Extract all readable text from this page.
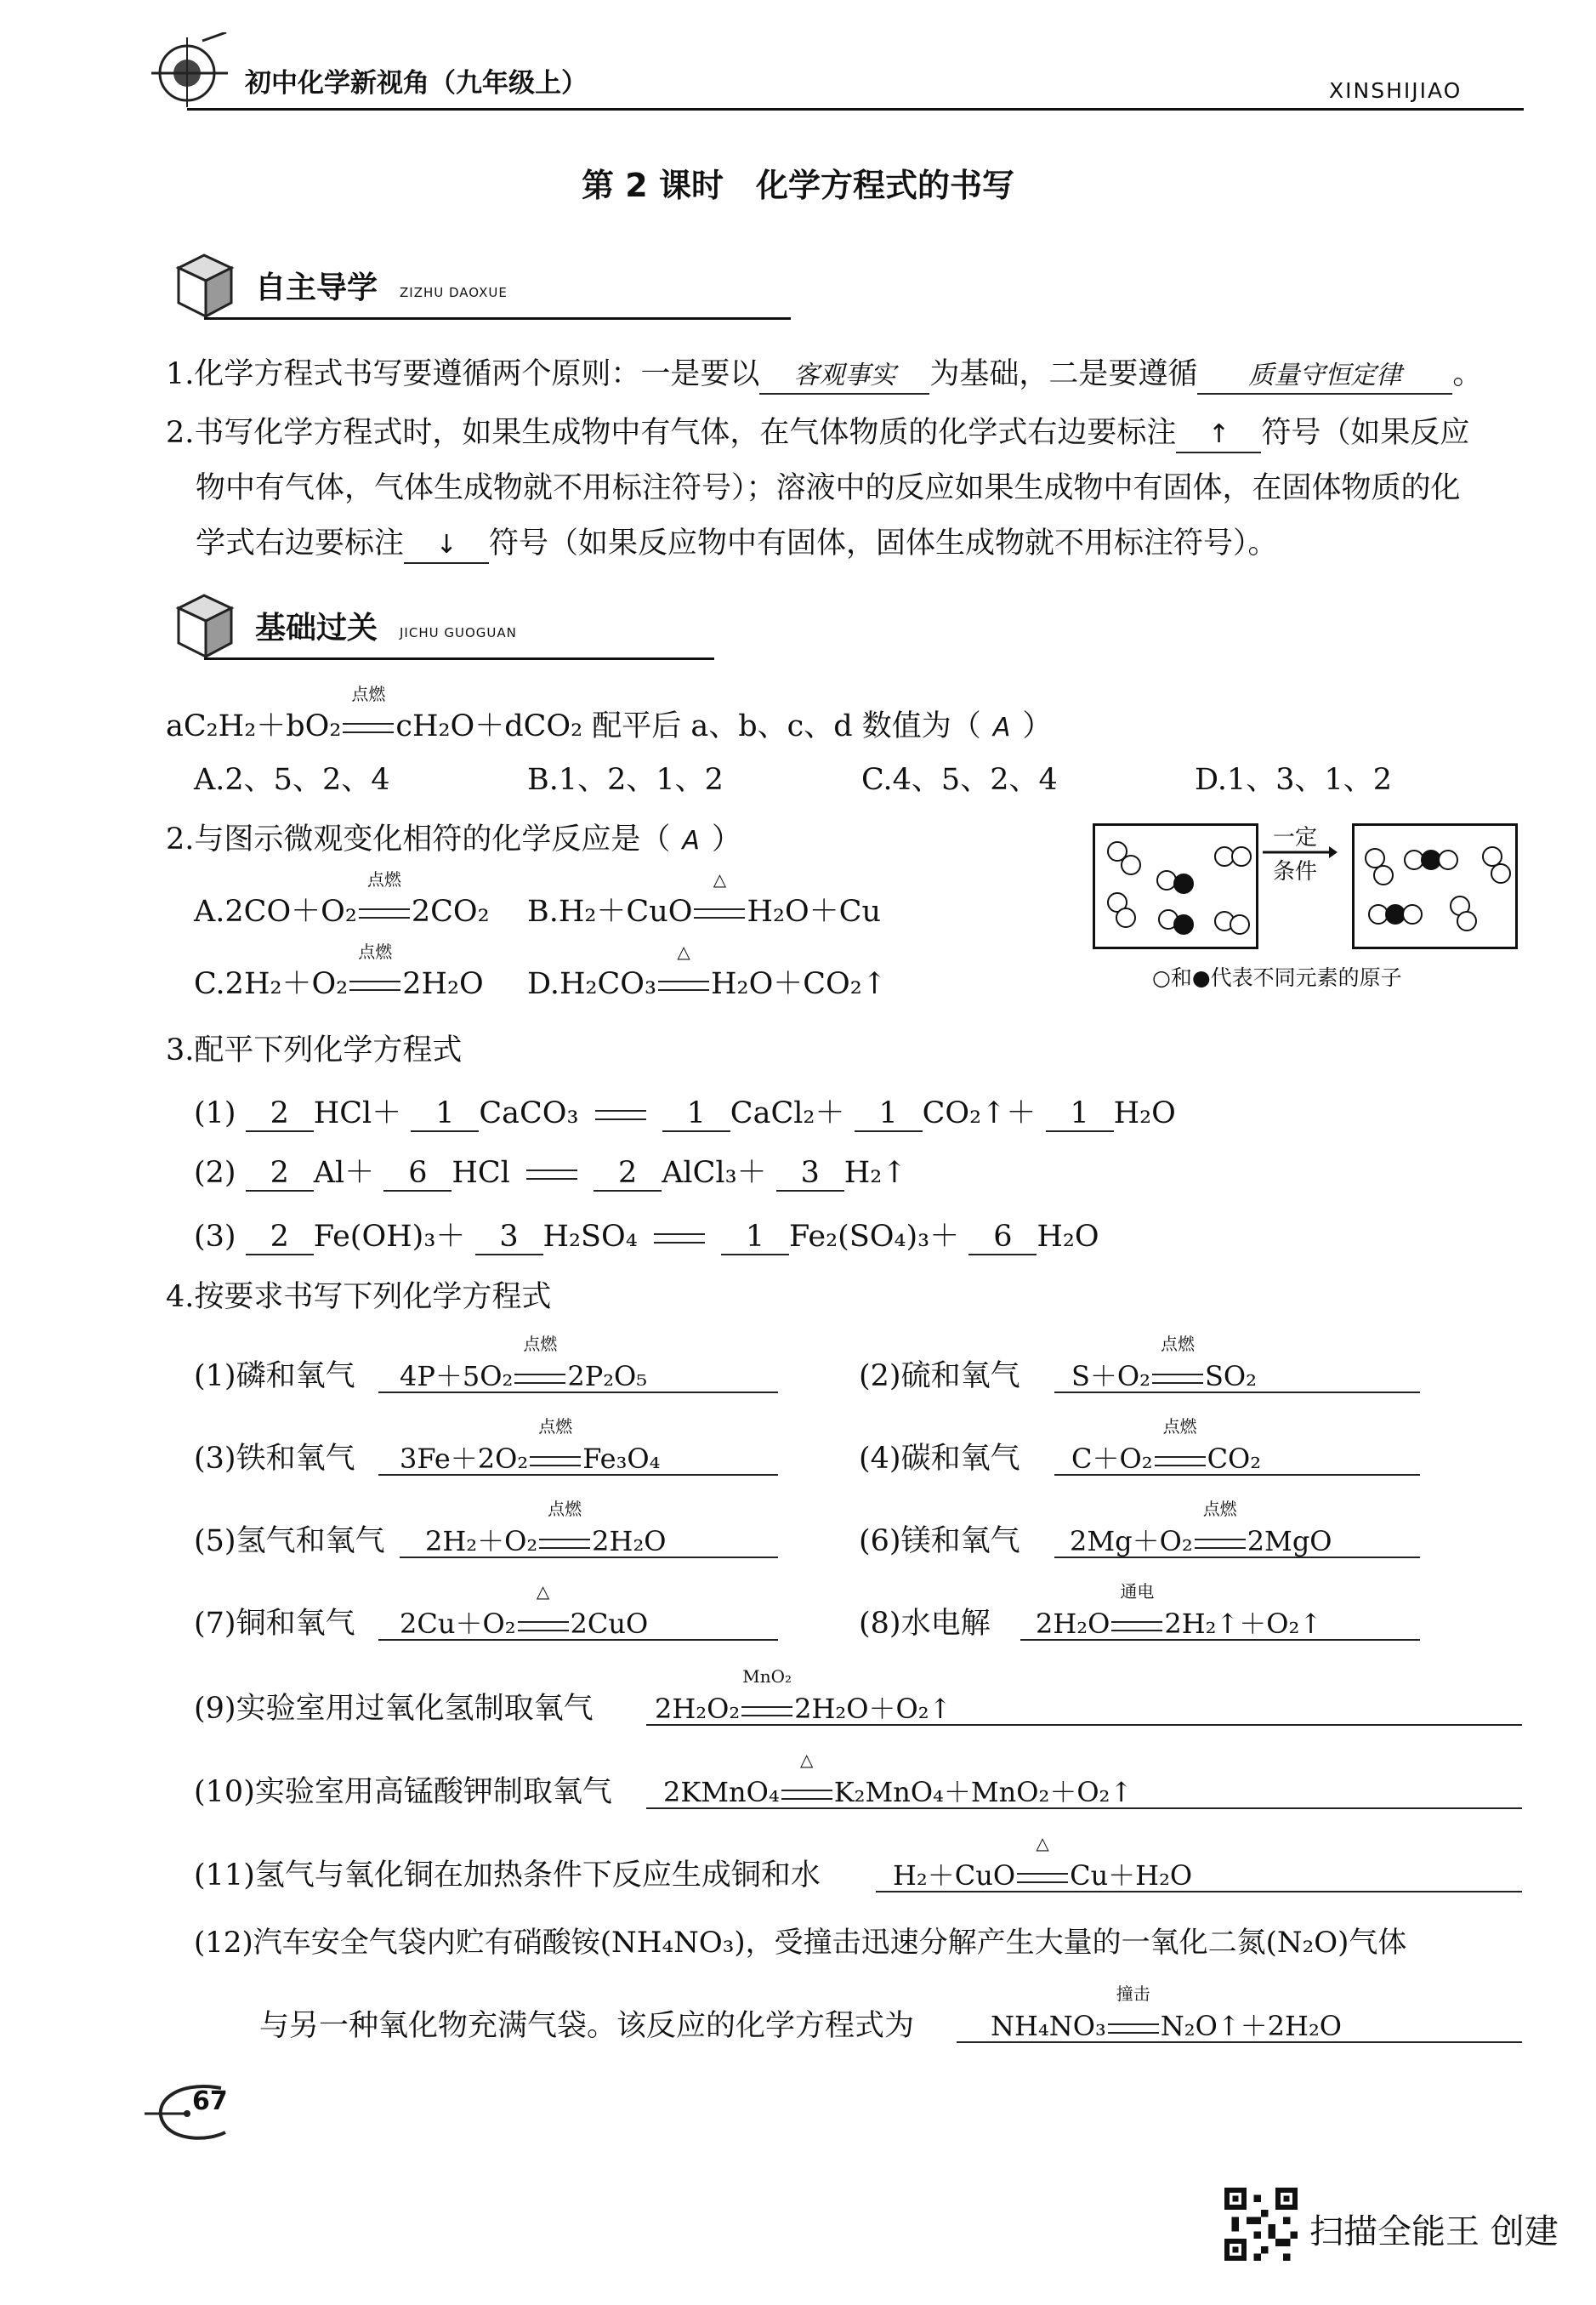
初中化学新视角（九年级上）	XINSHIJIAO
第 2 课时　化学方程式的书写
自主导学 ZIZHU DAOXUE
1.化学方程式书写要遵循两个原则：一是要以 客观事实 为基础，二是要遵循 质量守恒定律 。
2.书写化学方程式时，如果生成物中有气体，在气体物质的化学式右边要标注 ↑ 符号（如果反应
物中有气体，气体生成物就不用标注符号）；溶液中的反应如果生成物中有固体，在固体物质的化
学式右边要标注 ↓ 符号（如果反应物中有固体，固体生成物就不用标注符号）。
基础过关 JICHU GUOGUAN
aC₂H₂＋bO₂
点燃
cH₂O＋dCO₂ 配平后 a、b、c、d 数值为（ A ）
A.2、5、2、4	B.1、2、1、2	C.4、5、2、4	D.1、3、1、2
2.与图示微观变化相符的化学反应是（ A ）
A.2CO＋O₂
点燃
2CO₂ B.H₂＋CuO
△
H₂O＋Cu
C.2H₂＋O₂
点燃
2H₂O D.H₂CO₃
△
H₂O＋CO₂↑
一定
条件
○和●代表不同元素的原子
3.配平下列化学方程式
(1) 2 HCl＋ 1 CaCO₃	1 CaCl₂＋ 1 CO₂↑＋ 1 H₂O
(2) 2 Al＋ 6 HCl	2 AlCl₃＋ 3 H₂↑
(3) 2 Fe(OH)₃＋ 3 H₂SO₄	1 Fe₂(SO₄)₃＋ 6 H₂O
4.按要求书写下列化学方程式
(1)磷和氧气 4P＋5O₂
点燃
2P₂O₅	(2)硫和氧气 S＋O₂
点燃
SO₂
(3)铁和氧气 3Fe＋2O₂
点燃
Fe₃O₄	(4)碳和氧气 C＋O₂
点燃
CO₂
(5)氢气和氧气 2H₂＋O₂
点燃
2H₂O	(6)镁和氧气 2Mg＋O₂
点燃
2MgO
(7)铜和氧气 2Cu＋O₂
△
2CuO	(8)水电解 2H₂O
通电
2H₂↑＋O₂↑
(9)实验室用过氧化氢制取氧气 2H₂O₂
MnO₂
2H₂O＋O₂↑
(10)实验室用高锰酸钾制取氧气 2KMnO₄
△
K₂MnO₄＋MnO₂＋O₂↑
(11)氢气与氧化铜在加热条件下反应生成铜和水	H₂＋CuO
△
Cu＋H₂O
(12)汽车安全气袋内贮有硝酸铵(NH₄NO₃)，受撞击迅速分解产生大量的一氧化二氮(N₂O)气体
与另一种氧化物充满气袋。该反应的化学方程式为	NH₄NO₃
撞击
N₂O↑＋2H₂O
67
扫描全能王 创建
